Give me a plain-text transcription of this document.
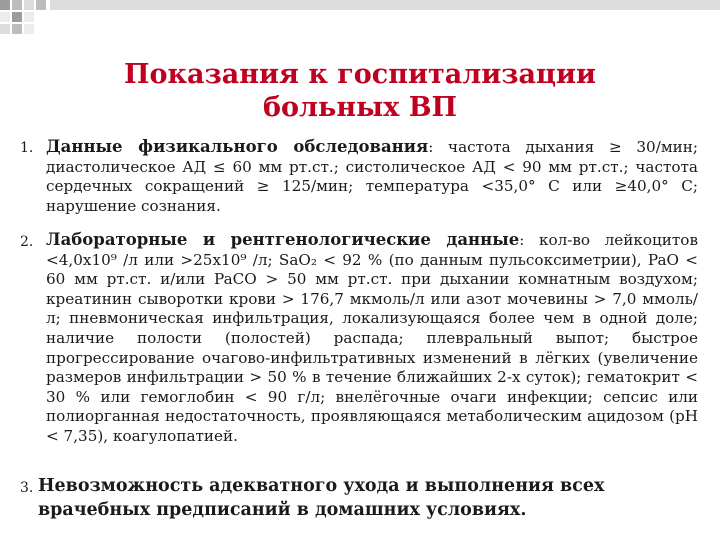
Показания к госпитализации
больных ВП
1. Данные физикального обследования: частота дыхания ≥ 30/мин; диастолическое АД ≤ 60 мм рт.ст.; систолическое АД < 90 мм рт.ст.; частота сердечных сокращений ≥ 125/мин; температура <35,0° С или ≥40,0° С; нарушение сознания.
2. Лабораторные и рентгенологические данные: кол-во лейкоцитов <4,0x10⁹ /л или >25x10⁹ /л; SaO₂ < 92 % (по данным пульсоксиметрии), PaO < 60 мм рт.ст. и/или PaCO > 50 мм рт.ст. при дыхании комнатным воздухом; креатинин сыворотки крови > 176,7 мкмоль/л или азот мочевины > 7,0 ммоль/л; пневмоническая инфильтрация, локализующаяся более чем в одной доле; наличие полости (полостей) распада; плевральный выпот; быстрое прогрессирование очагово-инфильтративных изменений в лёгких (увеличение размеров инфильтрации > 50 % в течение ближайших 2-х суток); гематокрит < 30 % или гемоглобин < 90 г/л; внелёгочные очаги инфекции; сепсис или полиорганная недостаточность, проявляющаяся метаболическим ацидозом (pH < 7,35), коагулопатией.
3. Невозможность адекватного ухода и выполнения всех врачебных предписаний в домашних условиях.
